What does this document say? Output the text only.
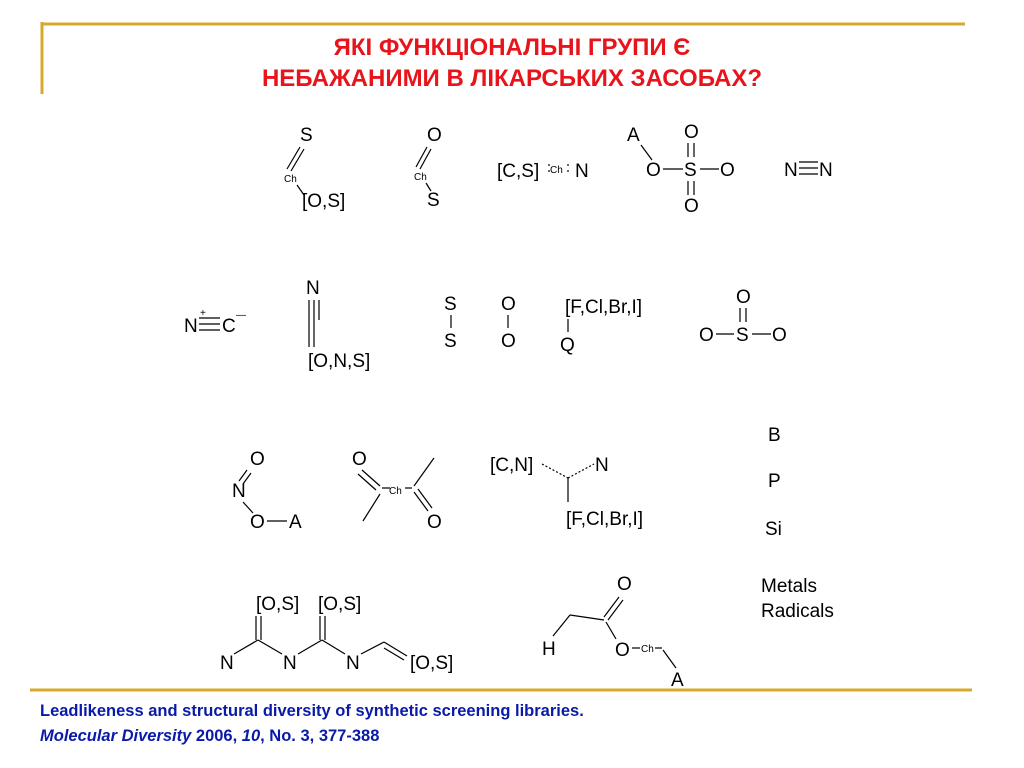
ЯКІ ФУНКЦІОНАЛЬНІ ГРУПИ Є
НЕБАЖАНИМИ В ЛІКАРСЬКИХ ЗАСОБАХ?
S
Ch
[O,S]
O
Ch
S
[C,S] Ch N
A
O S O
O
O
N N
N
+
C
—
N
[O,N,S]
S
S
O
O
[F,Cl,Br,I]
Q
O
O S O
O
N
O A
O
Ch
O
[C,N]	N
[F,Cl,Br,I]
B
P
Si
[O,S] [O,S]
N	N	N	[O,S]
O
H	O Ch
A
Metals
Radicals
Leadlikeness and structural diversity of synthetic screening libraries.
Molecular Diversity 2006, 10, No. 3, 377-388
